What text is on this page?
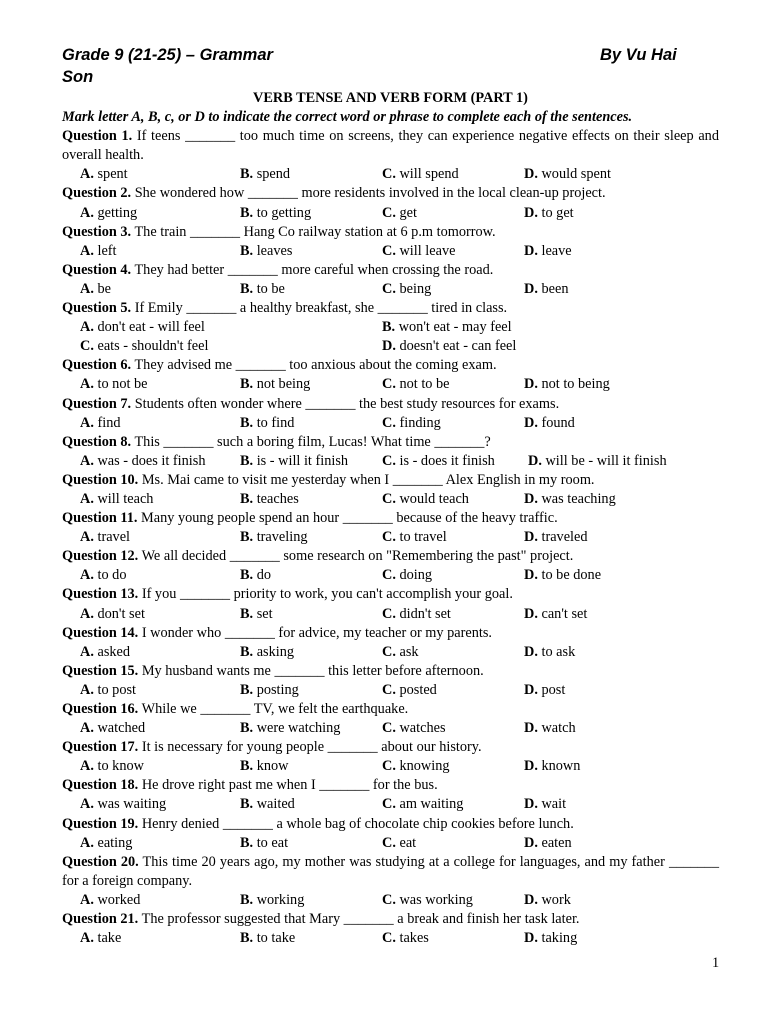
Grade 9 (21-25) – Grammar	By Vu Hai
Son
VERB TENSE AND VERB FORM (PART 1)
Mark letter A, B, c, or D to indicate the correct word or phrase to complete each of the sentences.
Question 1. If teens _______ too much time on screens, they can experience negative effects on their sleep and overall health.
A. spent	B. spend	C. will spend	D. would spent
Question 2. She wondered how _______ more residents involved in the local clean-up project.
A. getting	B. to getting	C. get	D. to get
Question 3. The train _______ Hang Co railway station at 6 p.m tomorrow.
A. left	B. leaves	C. will leave	D. leave
Question 4. They had better _______ more careful when crossing the road.
A. be	B. to be	C. being	D. been
Question 5. If Emily _______ a healthy breakfast, she _______ tired in class.
A. don't eat - will feel	B. won't eat - may feel
C. eats - shouldn't feel	D. doesn't eat - can feel
Question 6. They advised me _______ too anxious about the coming exam.
A. to not be	B. not being	C. not to be	D. not to being
Question 7. Students often wonder where _______ the best study resources for exams.
A. find	B. to find	C. finding	D. found
Question 8. This _______ such a boring film, Lucas! What time _______?
A. was - does it finish	B. is - will it finish	C. is - does it finish	D. will be - will it finish
Question 10. Ms. Mai came to visit me yesterday when I _______ Alex English in my room.
A. will teach	B. teaches	C. would teach	D. was teaching
Question 11. Many young people spend an hour _______ because of the heavy traffic.
A. travel	B. traveling	C. to travel	D. traveled
Question 12. We all decided _______ some research on "Remembering the past" project.
A. to do	B. do	C. doing	D. to be done
Question 13. If you _______ priority to work, you can't accomplish your goal.
A. don't set	B. set	C. didn't set	D. can't set
Question 14. I wonder who _______ for advice, my teacher or my parents.
A. asked	B. asking	C. ask	D. to ask
Question 15. My husband wants me _______ this letter before afternoon.
A. to post	B. posting	C. posted	D. post
Question 16. While we _______ TV, we felt the earthquake.
A. watched	B. were watching	C. watches	D. watch
Question 17. It is necessary for young people _______ about our history.
A. to know	B. know	C. knowing	D. known
Question 18. He drove right past me when I _______ for the bus.
A. was waiting	B. waited	C. am waiting	D. wait
Question 19. Henry denied _______ a whole bag of chocolate chip cookies before lunch.
A. eating	B. to eat	C. eat	D. eaten
Question 20. This time 20 years ago, my mother was studying at a college for languages, and my father _______ for a foreign company.
A. worked	B. working	C. was working	D. work
Question 21. The professor suggested that Mary _______ a break and finish her task later.
A. take	B. to take	C. takes	D. taking
1
